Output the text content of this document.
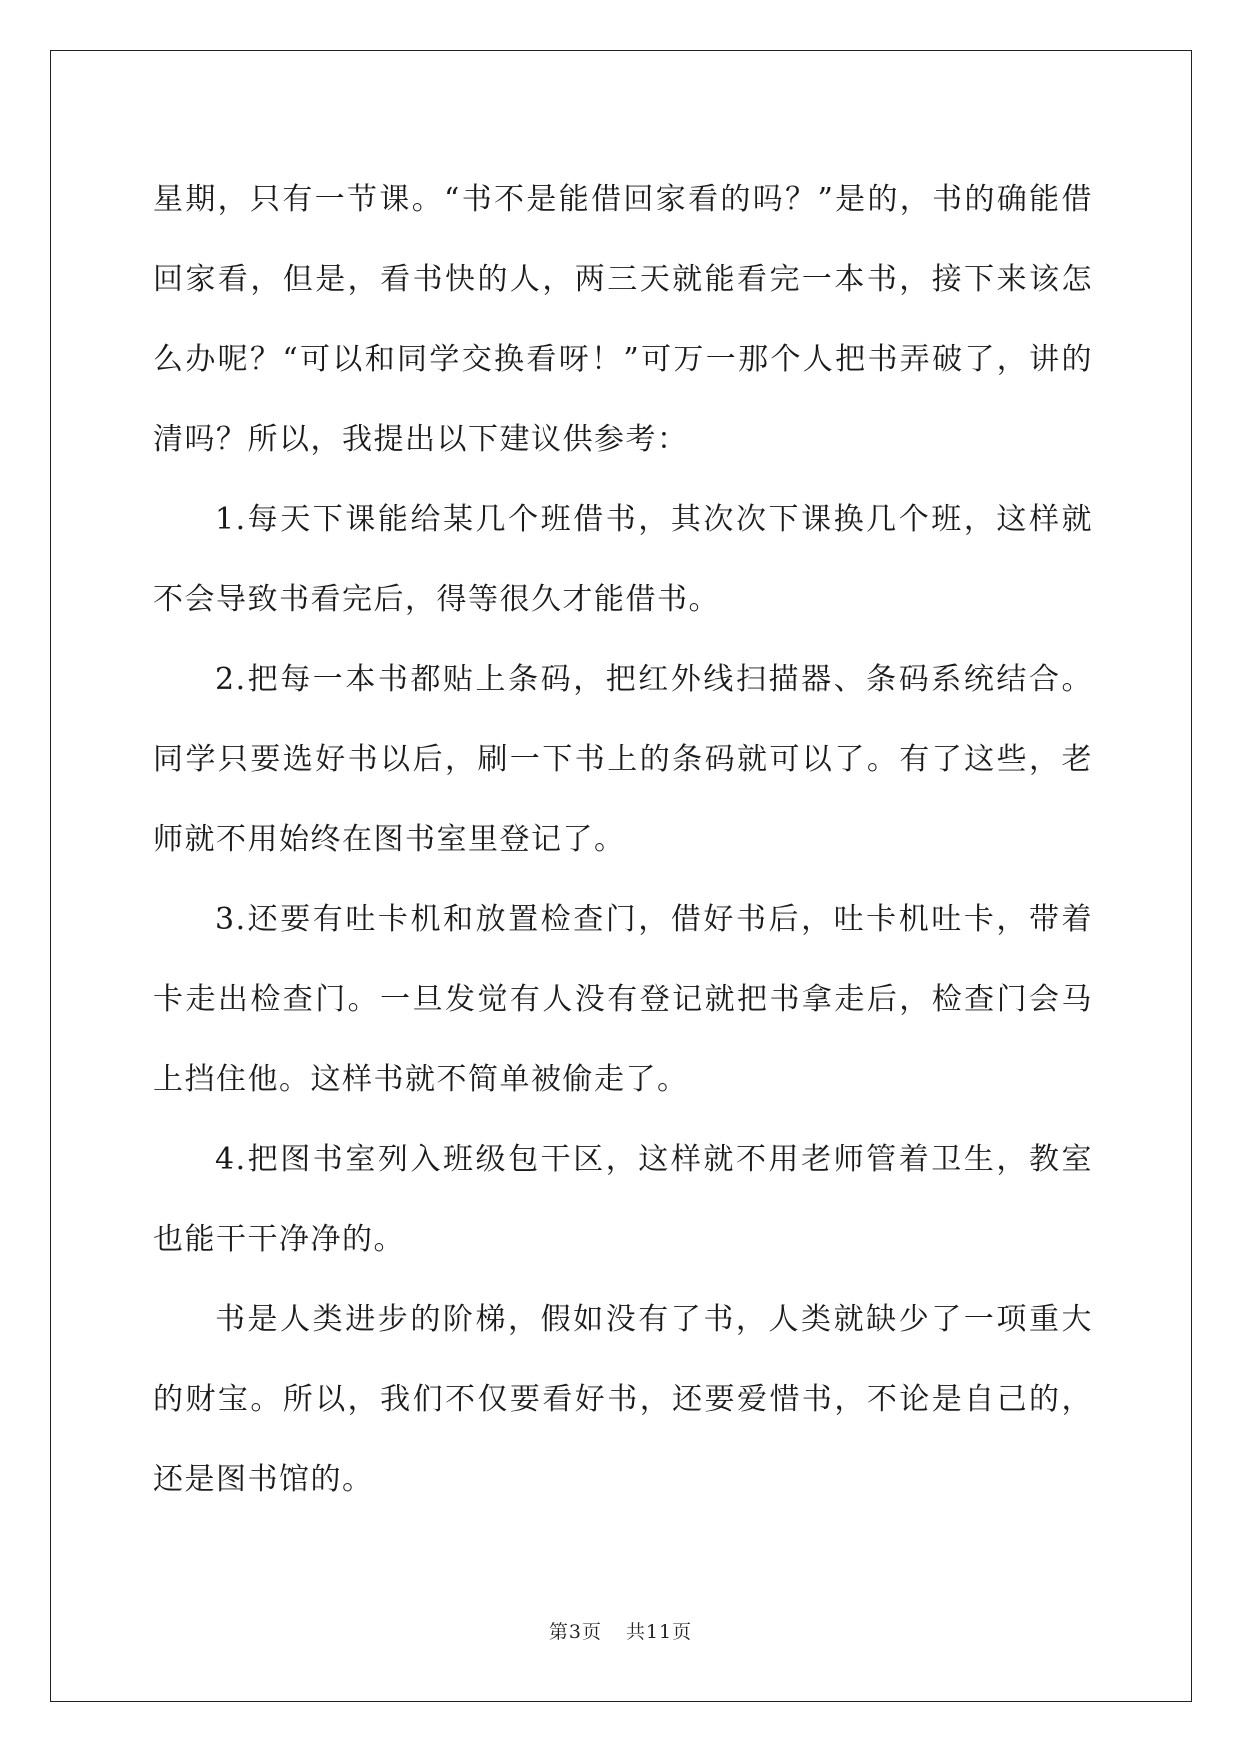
星期，只有一节课。“书不是能借回家看的吗？”是的，书的确能借回家看，但是，看书快的人，两三天就能看完一本书，接下来该怎么办呢？“可以和同学交换看呀！”可万一那个人把书弄破了，讲的清吗？所以，我提出以下建议供参考：

1.每天下课能给某几个班借书，其次次下课换几个班，这样就不会导致书看完后，得等很久才能借书。

2.把每一本书都贴上条码，把红外线扫描器、条码系统结合。同学只要选好书以后，刷一下书上的条码就可以了。有了这些，老师就不用始终在图书室里登记了。

3.还要有吐卡机和放置检查门，借好书后，吐卡机吐卡，带着卡走出检查门。一旦发觉有人没有登记就把书拿走后，检查门会马上挡住他。这样书就不简单被偷走了。

4.把图书室列入班级包干区，这样就不用老师管着卫生，教室也能干干净净的。

书是人类进步的阶梯，假如没有了书，人类就缺少了一项重大的财宝。所以，我们不仅要看好书，还要爱惜书，不论是自己的，还是图书馆的。

第3页 共11页
